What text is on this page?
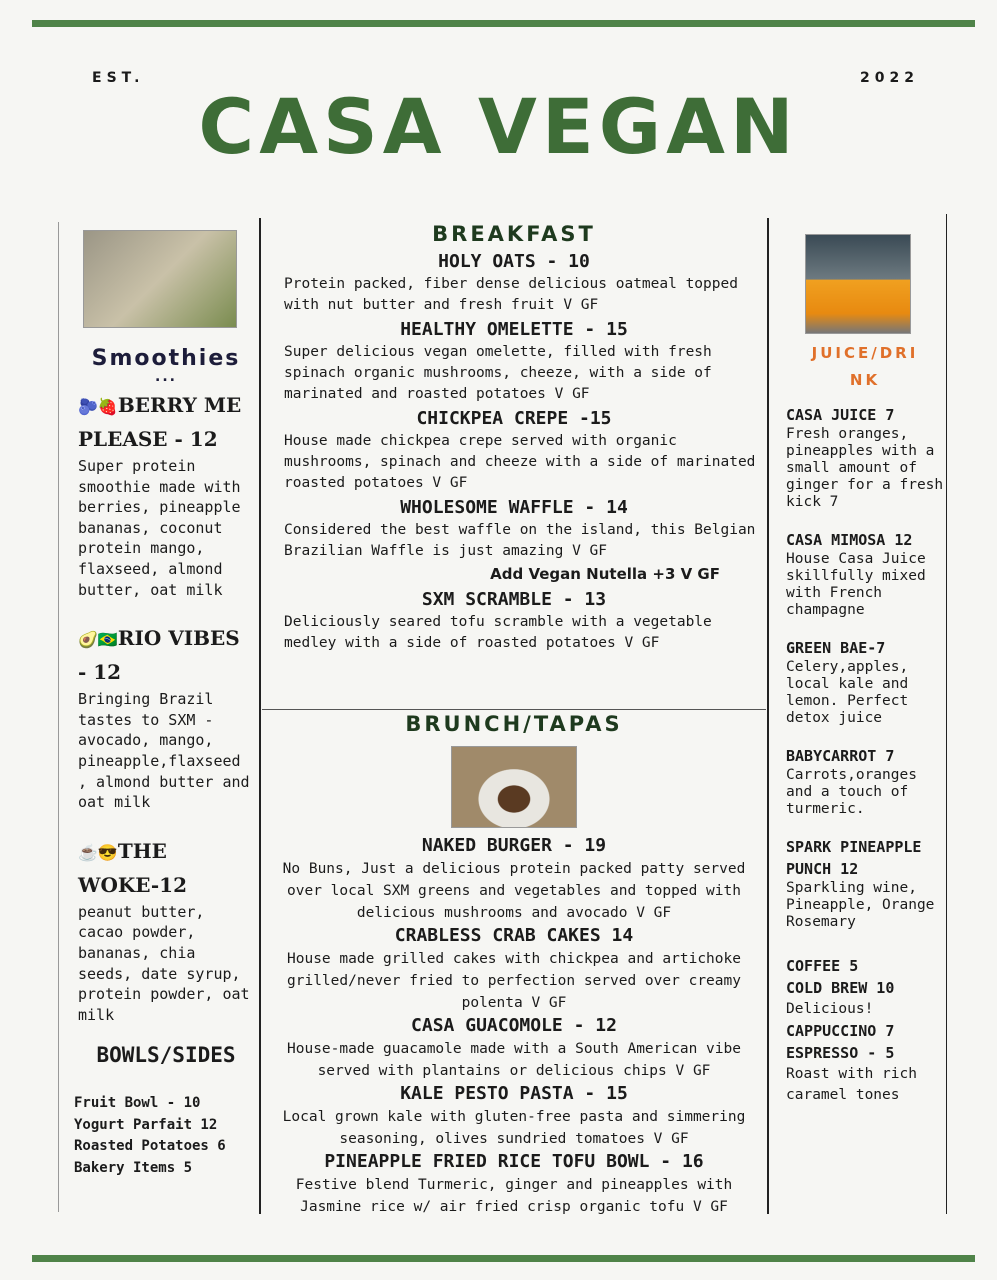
EST.	2022
CASA VEGAN
Smoothies
...
🫐🍓BERRY ME PLEASE - 12
Super protein smoothie made with berries, pineapple bananas, coconut protein mango, flaxseed, almond butter, oat milk
🥑🇧🇷RIO VIBES - 12
Bringing Brazil tastes to SXM - avocado, mango, pineapple,flaxseed , almond butter and oat milk
☕😎THE WOKE-12
peanut butter, cacao powder, bananas, chia seeds, date syrup, protein powder, oat milk
BOWLS/SIDES
Fruit Bowl - 10
Yogurt Parfait 12
Roasted Potatoes 6
Bakery Items 5
BREAKFAST
HOLY OATS - 10
Protein packed, fiber dense delicious oatmeal topped with nut butter and fresh fruit V GF
HEALTHY OMELETTE - 15
Super delicious vegan omelette, filled with fresh spinach organic mushrooms, cheeze, with a side of marinated and roasted potatoes V GF
CHICKPEA CREPE -15
House made chickpea crepe served with organic mushrooms, spinach and cheeze with a side of marinated roasted potatoes V GF
WHOLESOME WAFFLE - 14
Considered the best waffle on the island, this Belgian Brazilian Waffle is just amazing V GF
Add Vegan Nutella +3 V GF
SXM SCRAMBLE - 13
Deliciously seared tofu scramble with a vegetable medley with a side of roasted potatoes V GF
BRUNCH/TAPAS
NAKED BURGER - 19
No Buns, Just a delicious protein packed patty served over local SXM greens and vegetables and topped with delicious mushrooms and avocado V GF
CRABLESS CRAB CAKES 14
House made grilled cakes with chickpea and artichoke grilled/never fried to perfection served over creamy polenta V GF
CASA GUACOMOLE - 12
House-made guacamole made with a South American vibe served with plantains or delicious chips V GF
KALE PESTO PASTA - 15
Local grown kale with gluten-free pasta and simmering seasoning, olives sundried tomatoes V GF
PINEAPPLE FRIED RICE TOFU BOWL - 16
Festive blend Turmeric, ginger and pineapples with Jasmine rice w/ air fried crisp organic tofu V GF
JUICE/DRINK
CASA JUICE 7
Fresh oranges, pineapples with a small amount of ginger for a fresh kick 7
CASA MIMOSA 12
House Casa Juice skillfully mixed with French champagne
GREEN BAE-7
Celery,apples, local kale and lemon. Perfect detox juice
BABYCARROT 7
Carrots,oranges and a touch of turmeric.
SPARK PINEAPPLE PUNCH 12
Sparkling wine, Pineapple, Orange Rosemary
COFFEE 5
COLD BREW 10
Delicious!
CAPPUCCINO 7
ESPRESSO - 5
Roast with rich caramel tones
